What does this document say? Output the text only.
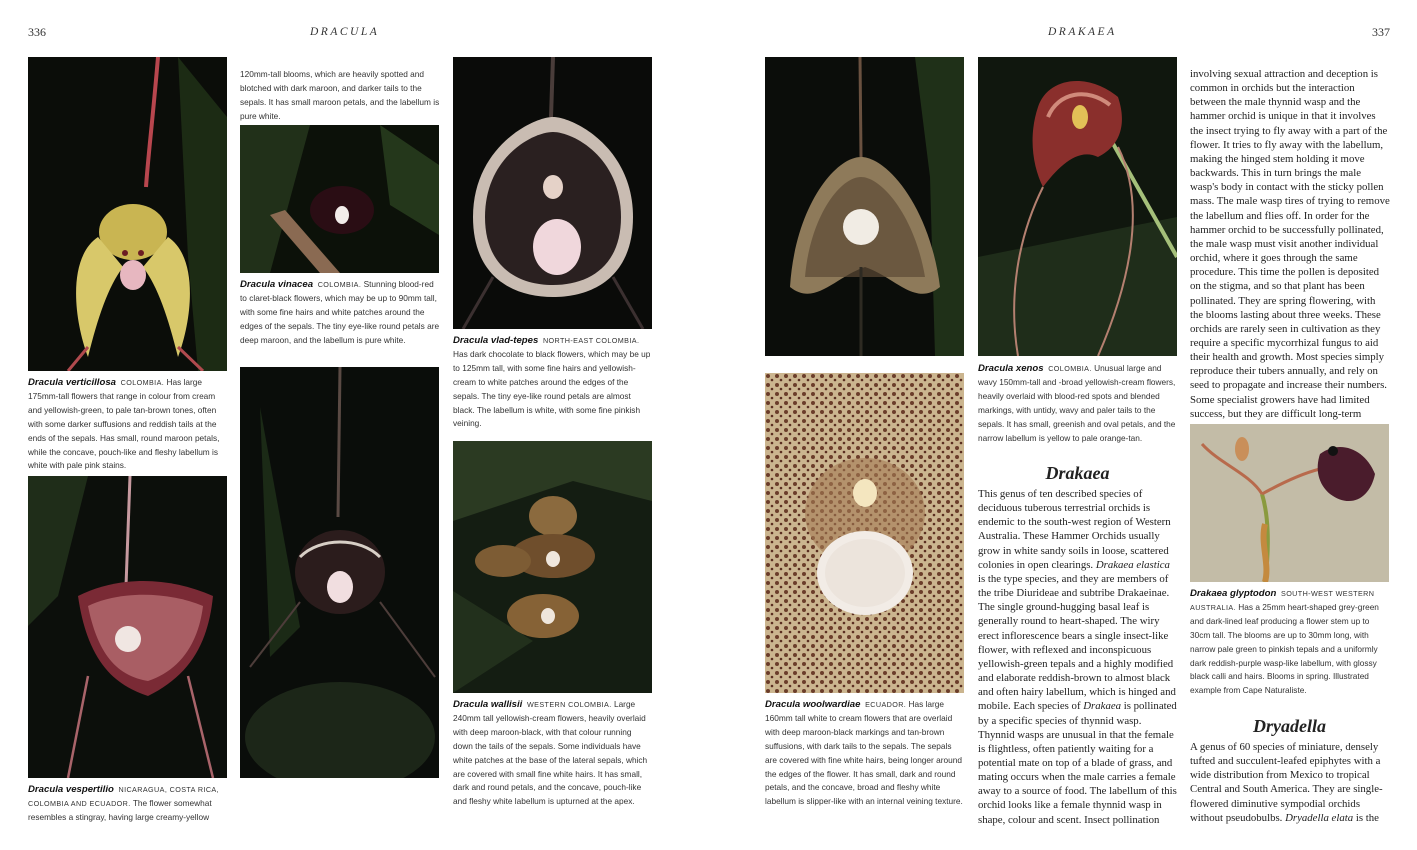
336	DRACULA	DRAKAEA	337
Dracula verticillosa COLOMBIA. Has large 175mm-tall flowers that range in colour from cream and yellowish-green, to pale tan-brown tones, often with some darker suffusions and reddish tails at the ends of the sepals. Has small, round maroon petals, while the concave, pouch-like and fleshy labellum is white with pale pink stains.
Dracula vespertilio NICARAGUA, COSTA RICA, COLOMBIA AND ECUADOR. The flower somewhat resembles a stingray, having large creamy-yellow
120mm-tall blooms, which are heavily spotted and blotched with dark maroon, and darker tails to the sepals. It has small maroon petals, and the labellum is pure white.
Dracula vinacea COLOMBIA. Stunning blood-red to claret-black flowers, which may be up to 90mm tall, with some fine hairs and white patches around the edges of the sepals. The tiny eye-like round petals are deep maroon, and the labellum is pure white.	Dracula vlad-tepes NORTH-EAST COLOMBIA. Has dark chocolate to black flowers, which may be up to 125mm tall, with some fine hairs and yellowish-cream to white patches around the edges of the sepals. The tiny eye-like round petals are almost black. The labellum is white, with some fine pinkish veining.
Dracula wallisii WESTERN COLOMBIA. Large 240mm tall yellowish-cream flowers, heavily overlaid with deep maroon-black, with that colour running down the tails of the sepals. Some individuals have white patches at the base of the lateral sepals, which are covered with small fine white hairs. It has small, dark and round petals, and the concave, pouch-like and fleshy white labellum is upturned at the apex.
Dracula woolwardiae ECUADOR. Has large 160mm tall white to cream flowers that are overlaid with deep maroon-black markings and tan-brown suffusions, with dark tails to the sepals. The sepals are covered with fine white hairs, being longer around the edges of the flower. It has small, dark and round petals, and the concave, broad and fleshy white labellum is slipper-like with an internal veining texture.
Dracula xenos COLOMBIA. Unusual large and wavy 150mm-tall and -broad yellowish-cream flowers, heavily overlaid with blood-red spots and blended markings, with untidy, wavy and paler tails to the sepals. It has small, greenish and oval petals, and the narrow labellum is yellow to pale orange-tan.
Drakaea
This genus of ten described species of deciduous tuberous terrestrial orchids is endemic to the south-west region of Western Australia. These Hammer Orchids usually grow in white sandy soils in loose, scattered colonies in open clearings. Drakaea elastica is the type species, and they are members of the tribe Diurideae and subtribe Drakaeinae. The single ground-hugging basal leaf is generally round to heart-shaped. The wiry erect inflorescence bears a single insect-like flower, with reflexed and inconspicuous yellowish-green tepals and a highly modified and elaborate reddish-brown to almost black and often hairy labellum, which is hinged and mobile. Each species of Drakaea is pollinated by a specific species of thynnid wasp. Thynnid wasps are unusual in that the female is flightless, often patiently waiting for a potential mate on top of a blade of grass, and mating occurs when the male carries a female away to a source of food. The labellum of this orchid looks like a female thynnid wasp in shape, colour and scent. Insect pollination
involving sexual attraction and deception is common in orchids but the interaction between the male thynnid wasp and the hammer orchid is unique in that it involves the insect trying to fly away with a part of the flower. It tries to fly away with the labellum, making the hinged stem holding it move backwards. This in turn brings the male wasp's body in contact with the sticky pollen mass. The male wasp tires of trying to remove the labellum and flies off. In order for the hammer orchid to be successfully pollinated, the male wasp must visit another individual orchid, where it goes through the same procedure. This time the pollen is deposited on the stigma, and so that plant has been pollinated. They are spring flowering, with the blooms lasting about three weeks. These orchids are rarely seen in cultivation as they require a specific mycorrhizal fungus to aid their health and growth. Most species simply reproduce their tubers annually, and rely on seed to propagate and increase their numbers. Some specialist growers have had limited success, but they are difficult long-term
Drakaea glyptodon SOUTH-WEST WESTERN AUSTRALIA. Has a 25mm heart-shaped grey-green and dark-lined leaf producing a flower stem up to 30cm tall. The blooms are up to 30mm long, with narrow pale green to pinkish tepals and a uniformly dark reddish-purple wasp-like labellum, with glossy black calli and hairs. Blooms in spring. Illustrated example from Cape Naturaliste.
Dryadella
A genus of 60 species of miniature, densely tufted and succulent-leafed epiphytes with a wide distribution from Mexico to tropical Central and South America. They are single-flowered diminutive sympodial orchids without pseudobulbs. Dryadella elata is the
